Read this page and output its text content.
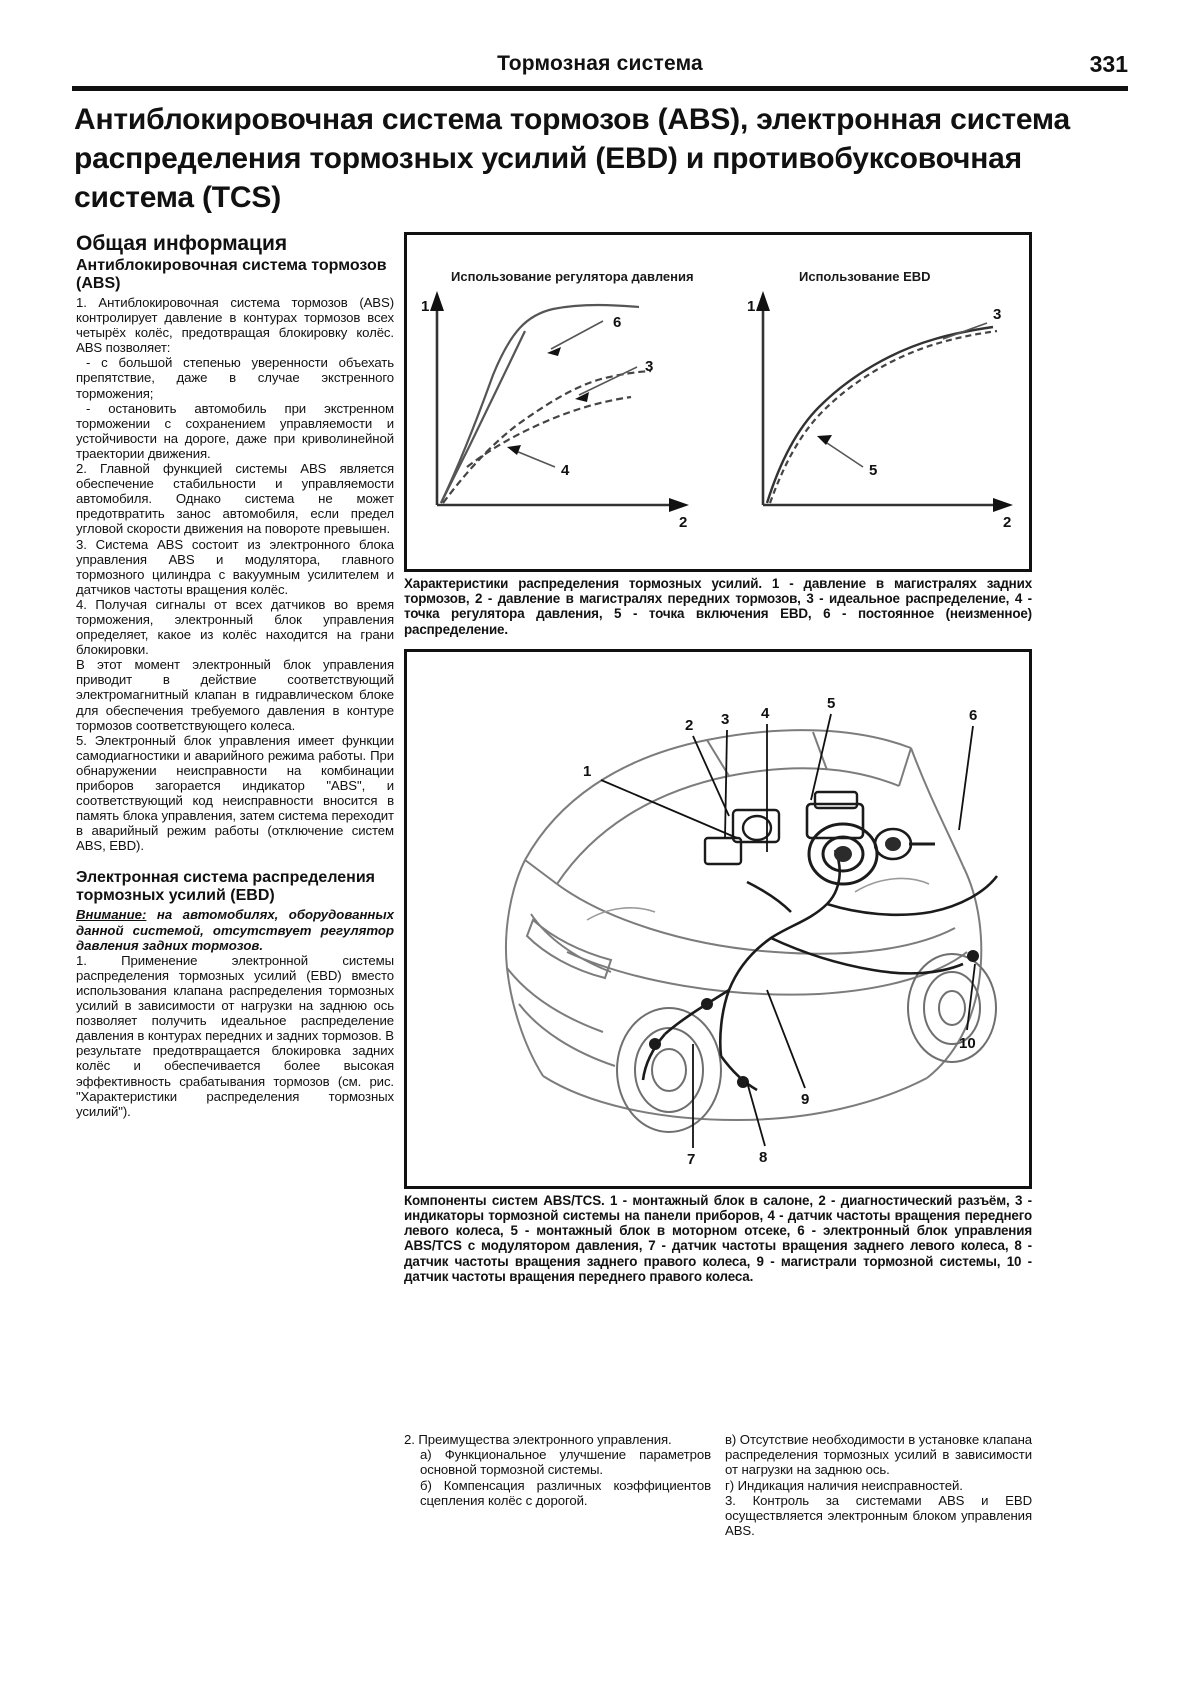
Тормозная система	331
Антиблокировочная система тормозов (ABS), электронная система распределения тормозных усилий (EBD) и противобуксовочная система (TCS)
Общая информация
Антиблокировочная система тормозов (ABS)

1. Антиблокировочная система тормозов (ABS) контролирует давление в контурах тормозов всех четырёх колёс, предотвращая блокировку колёс. ABS позволяет:

- с большой степенью уверенности объехать препятствие, даже в случае экстренного торможения;

- остановить автомобиль при экстренном торможении с сохранением управляемости и устойчивости на дороге, даже при криволинейной траектории движения.

2. Главной функцией системы ABS является обеспечение стабильности и управляемости автомобиля. Однако система не может предотвратить занос автомобиля, если предел угловой скорости движения на повороте превышен.

3. Система ABS состоит из электронного блока управления ABS и модулятора, главного тормозного цилиндра с вакуумным усилителем и датчиков частоты вращения колёс.

4. Получая сигналы от всех датчиков во время торможения, электронный блок управления определяет, какое из колёс находится на грани блокировки.

В этот момент электронный блок управления приводит в действие соответствующий электромагнитный клапан в гидравлическом блоке для обеспечения требуемого давления в контуре тормозов соответствующего колеса.

5. Электронный блок управления имеет функции самодиагностики и аварийного режима работы. При обнаружении неисправности на комбинации приборов загорается индикатор "ABS", и соответствующий код неисправности вносится в память блока управления, затем система переходит в аварийный режим работы (отключение систем ABS, EBD).

Электронная система распределения тормозных усилий (EBD)

Внимание: на автомобилях, оборудованных данной системой, отсутствует регулятор давления задних тормозов.

1. Применение электронной системы распределения тормозных усилий (EBD) вместо использования клапана распределения тормозных усилий в зависимости от нагрузки на заднюю ось позволяет получить идеальное распределение давления в контурах передних и задних тормозов. В результате предотвращается блокировка задних колёс и обеспечивается более высокая эффективность срабатывания тормозов (см. рис. "Характеристики распределения тормозных усилий").

Использование регулятора давления	Использование EBD
1
2
6
3
4
1
2
3
5
Характеристики распределения тормозных усилий. 1 - давление в магистралях задних тормозов, 2 - давление в магистралях передних тормозов, 3 - идеальное распределение, 4 - точка регулятора давления, 5 - точка включения EBD, 6 - постоянное (неизменное) распределение.
1
2 3 4
5
6
7	8
9
10
Компоненты систем ABS/TCS. 1 - монтажный блок в салоне, 2 - диагностический разъём, 3 - индикаторы тормозной системы на панели приборов, 4 - датчик частоты вращения переднего левого колеса, 5 - монтажный блок в моторном отсеке, 6 - электронный блок управления ABS/TCS с модулятором давления, 7 - датчик частоты вращения заднего левого колеса, 8 - датчик частоты вращения заднего правого колеса, 9 - магистрали тормозной системы, 10 - датчик частоты вращения переднего правого колеса.

2. Преимущества электронного управления.

а) Функциональное улучшение параметров основной тормозной системы.

б) Компенсация различных коэффициентов сцепления колёс с дорогой.

в) Отсутствие необходимости в установке клапана распределения тормозных усилий в зависимости от нагрузки на заднюю ось.

г) Индикация наличия неисправностей.

3. Контроль за системами ABS и EBD осуществляется электронным блоком управления ABS.
